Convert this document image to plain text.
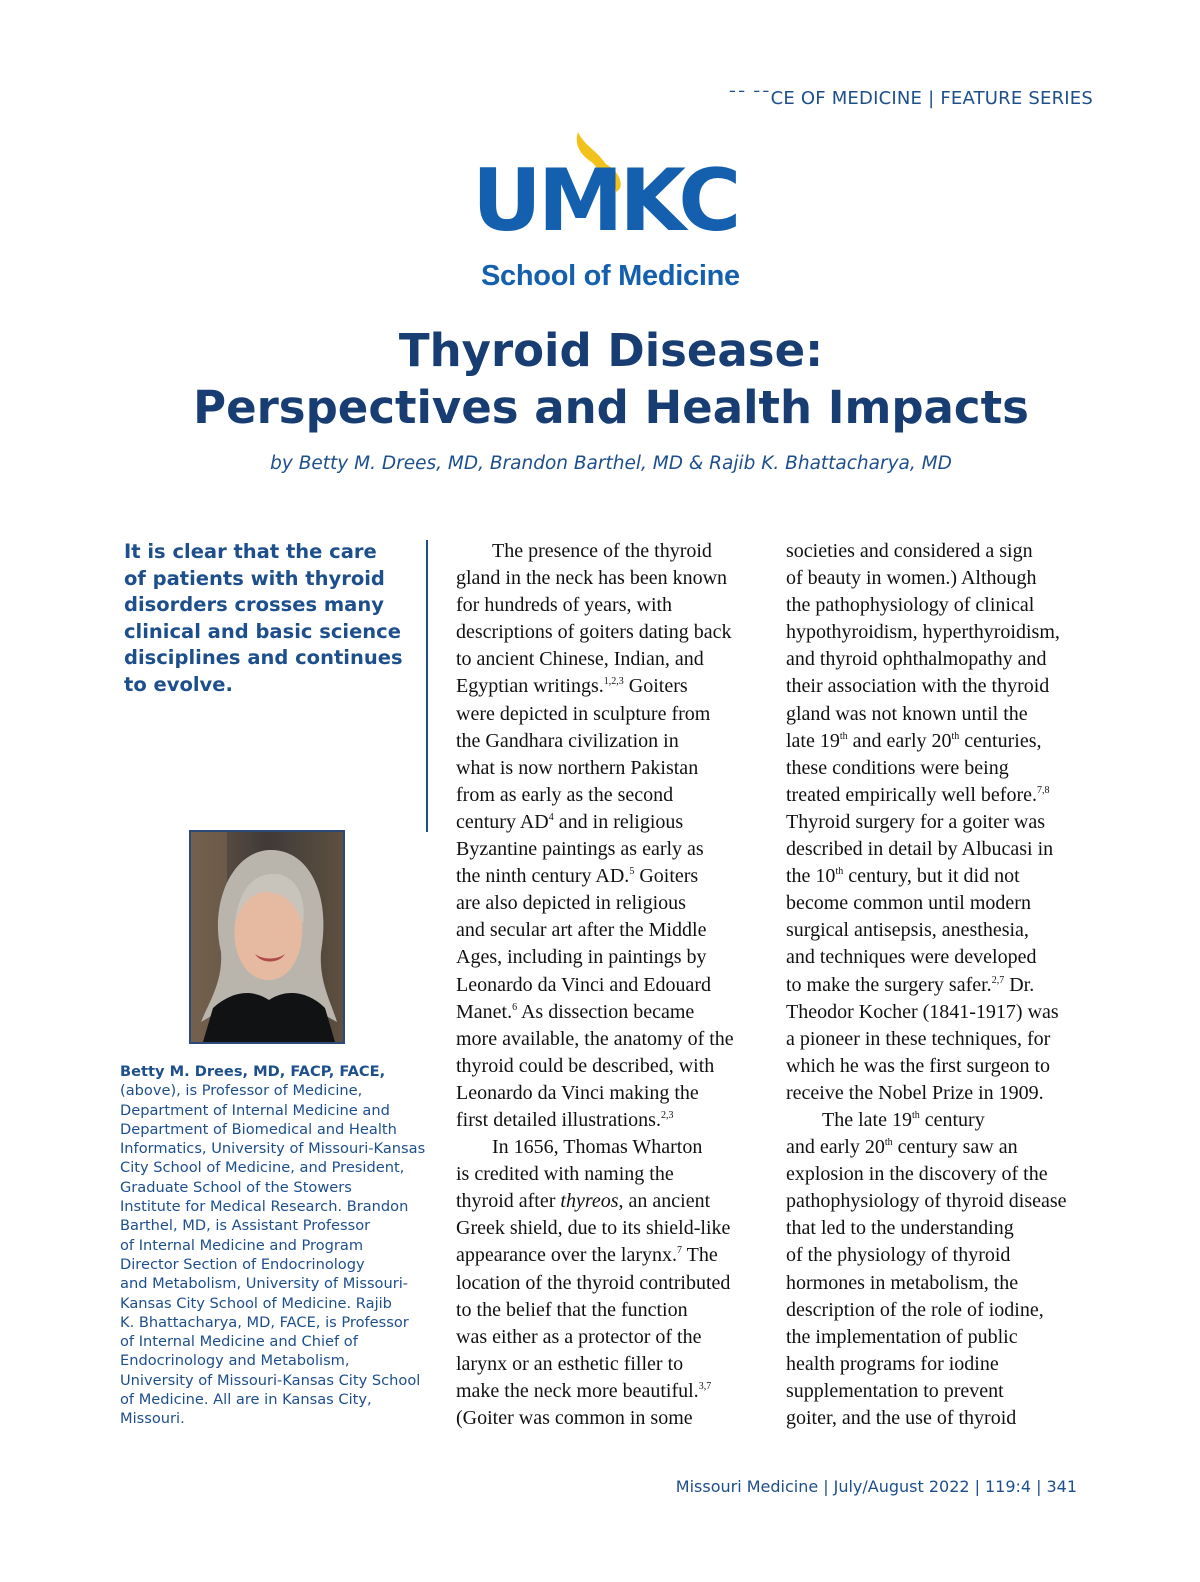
ˉˉ ˉˉCE OF MEDICINE | FEATURE SERIES
UMKC
School of Medicine
Thyroid Disease:
Perspectives and Health Impacts
by Betty M. Drees, MD, Brandon Barthel, MD & Rajib K. Bhattacharya, MD
It is clear that the care
of patients with thyroid
disorders crosses many
clinical and basic science
disciplines and continues
to evolve.
Betty M. Drees, MD, FACP, FACE,
(above), is Professor of Medicine,
Department of Internal Medicine and
Department of Biomedical and Health
Informatics, University of Missouri-Kansas
City School of Medicine, and President,
Graduate School of the Stowers
Institute for Medical Research. Brandon
Barthel, MD, is Assistant Professor
of Internal Medicine and Program
Director Section of Endocrinology
and Metabolism, University of Missouri-
Kansas City School of Medicine. Rajib
K. Bhattacharya, MD, FACE, is Professor
of Internal Medicine and Chief of
Endocrinology and Metabolism,
University of Missouri-Kansas City School
of Medicine. All are in Kansas City,
Missouri.
The presence of the thyroid
gland in the neck has been known
for hundreds of years, with
descriptions of goiters dating back
to ancient Chinese, Indian, and
Egyptian writings.$^{1,2,3}$ Goiters
were depicted in sculpture from
the Gandhara civilization in
what is now northern Pakistan
from as early as the second
century $AD^4$ and in religious
Byzantine paintings as early as
the ninth century AD.$^5$ Goiters
are also depicted in religious
and secular art after the Middle
Ages, including in paintings by
Leonardo da Vinci and Edouard
Manet.$^6$ As dissection became
more available, the anatomy of the
thyroid could be described, with
Leonardo da Vinci making the
first detailed illustrations.$^{2,3}$
In 1656, Thomas Wharton
is credited with naming the
thyroid after thyreos, an ancient
Greek shield, due to its shield-like
appearance over the larynx.$^7$ The
location of the thyroid contributed
to the belief that the function
was either as a protector of the
larynx or an esthetic filler to
make the neck more beautiful.$^{3,7}$
(Goiter was common in some
societies and considered a sign
of beauty in women.) Although
the pathophysiology of clinical
hypothyroidism, hyperthyroidism,
and thyroid ophthalmopathy and
their association with the thyroid
gland was not known until the
late 19th and early 20th centuries,
these conditions were being
treated empirically well before.$^{7,8}$
Thyroid surgery for a goiter was
described in detail by Albucasi in
the 10th century, but it did not
become common until modern
surgical antisepsis, anesthesia,
and techniques were developed
to make the surgery safer.$^{2,7}$ Dr.
Theodor Kocher (1841-1917) was
a pioneer in these techniques, for
which he was the first surgeon to
receive the Nobel Prize in 1909.
The late 19th century
and early 20th century saw an
explosion in the discovery of the
pathophysiology of thyroid disease
that led to the understanding
of the physiology of thyroid
hormones in metabolism, the
description of the role of iodine,
the implementation of public
health programs for iodine
supplementation to prevent
goiter, and the use of thyroid
Missouri Medicine | July/August 2022 | 119:4 | 341
